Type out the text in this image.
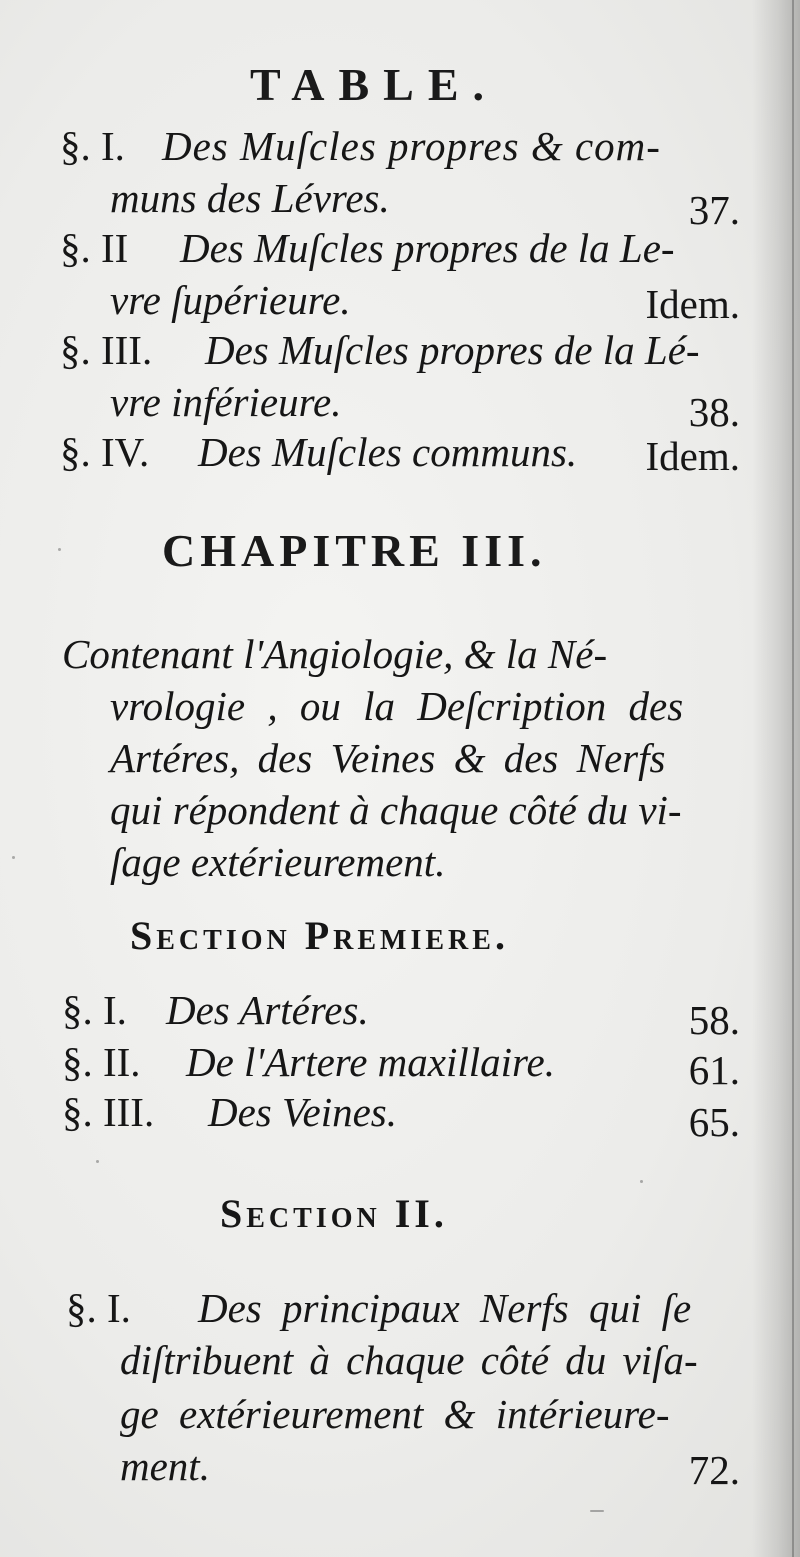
TABLE.
§. I. Des Muſcles propres & com-
muns des Lévres.	37.
§. II Des Muſcles propres de la Le-
vre ſupérieure.	Idem.
§. III. Des Muſcles propres de la Lé-
vre inférieure.	38.
§. IV. Des Muſcles communs. Idem.
CHAPITRE III.
Contenant l'Angiologie, & la Né-
vrologie , ou la Deſcription des
Artéres, des Veines & des Nerfs
qui répondent à chaque côté du vi-
ſage extérieurement.
Section Premiere.
§. I. Des Artéres.	58.
§. II. De l'Artere maxillaire.	61.
§. III. Des Veines.	65.
Section II.
§. I. Des principaux Nerfs qui ſe
diſtribuent à chaque côté du viſa-
ge extérieurement & intérieure-
ment.	72.
